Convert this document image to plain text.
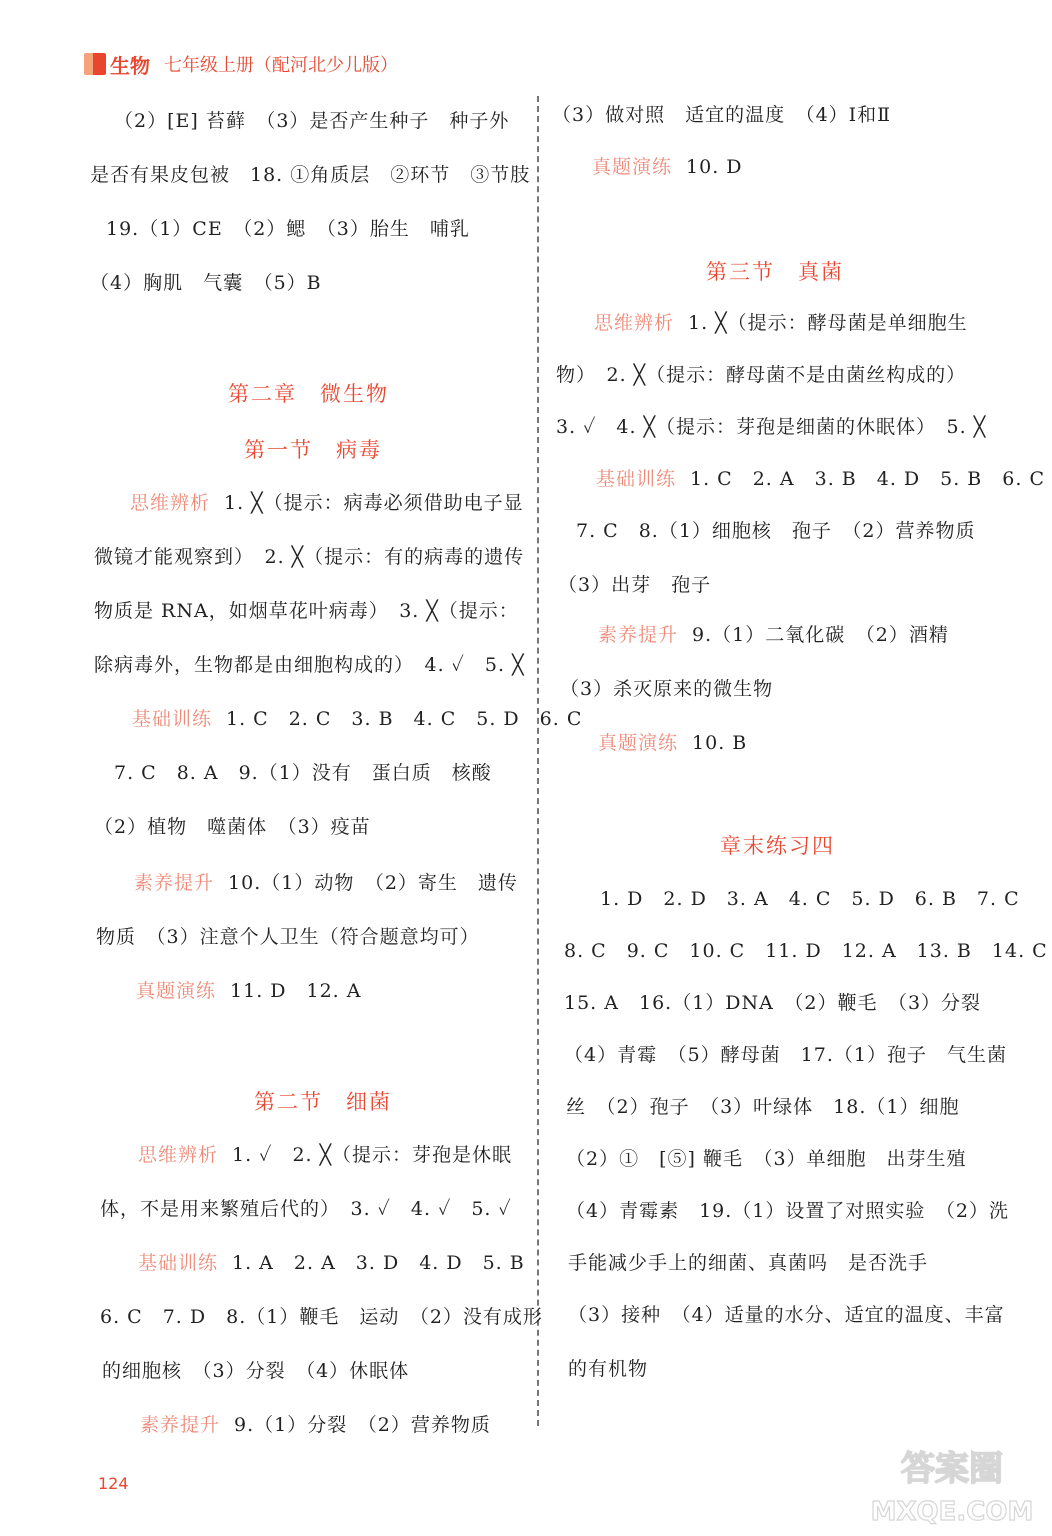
生物 七年级上册（配河北少儿版）
（2）[E] 苔藓　（3）是否产生种子　种子外
是否有果皮包被　18. ①角质层　②环节　③节肢
19.（1）CE　（2）鳃　（3）胎生　哺乳
（4）胸肌　气囊　（5）B
第二章　微生物
第一节　病毒
思维辨析 1. ╳（提示：病毒必须借助电子显
微镜才能观察到）　2. ╳（提示：有的病毒的遗传
物质是 RNA，如烟草花叶病毒）　3. ╳（提示：
除病毒外，生物都是由细胞构成的）　4. ✓　5. ╳
基础训练 1. C　2. C　3. B　4. C　5. D　6. C
7. C　8. A　9.（1）没有　蛋白质　核酸
（2）植物　噬菌体　（3）疫苗
素养提升 10.（1）动物　（2）寄生　遗传
物质　（3）注意个人卫生（符合题意均可）
真题演练 11. D　12. A
第二节　细菌
思维辨析 1. ✓　2. ╳（提示：芽孢是休眠
体，不是用来繁殖后代的）　3. ✓　4. ✓　5. ✓
基础训练 1. A　2. A　3. D　4. D　5. B
6. C　7. D　8.（1）鞭毛　运动　（2）没有成形
的细胞核　（3）分裂　（4）休眠体
素养提升 9.（1）分裂　（2）营养物质
（3）做对照　适宜的温度　（4）Ⅰ和Ⅱ
真题演练 10. D
第三节　真菌
思维辨析 1. ╳（提示：酵母菌是单细胞生
物）　2. ╳（提示：酵母菌不是由菌丝构成的）
3. ✓　4. ╳（提示：芽孢是细菌的休眠体）　5. ╳
基础训练 1. C　2. A　3. B　4. D　5. B　6. C
7. C　8.（1）细胞核　孢子　（2）营养物质
（3）出芽　孢子
素养提升 9.（1）二氧化碳　（2）酒精
（3）杀灭原来的微生物
真题演练 10. B
章末练习四
1. D　2. D　3. A　4. C　5. D　6. B　7. C
8. C　9. C　10. C　11. D　12. A　13. B　14. C
15. A　16.（1）DNA　（2）鞭毛　（3）分裂
（4）青霉　（5）酵母菌　17.（1）孢子　气生菌
丝　（2）孢子　（3）叶绿体　18.（1）细胞
（2）①　[⑤] 鞭毛　（3）单细胞　出芽生殖
（4）青霉素　19.（1）设置了对照实验　（2）洗
手能减少手上的细菌、真菌吗　是否洗手
（3）接种　（4）适量的水分、适宜的温度、丰富
的有机物
124	答案圈
MXQE.COM
